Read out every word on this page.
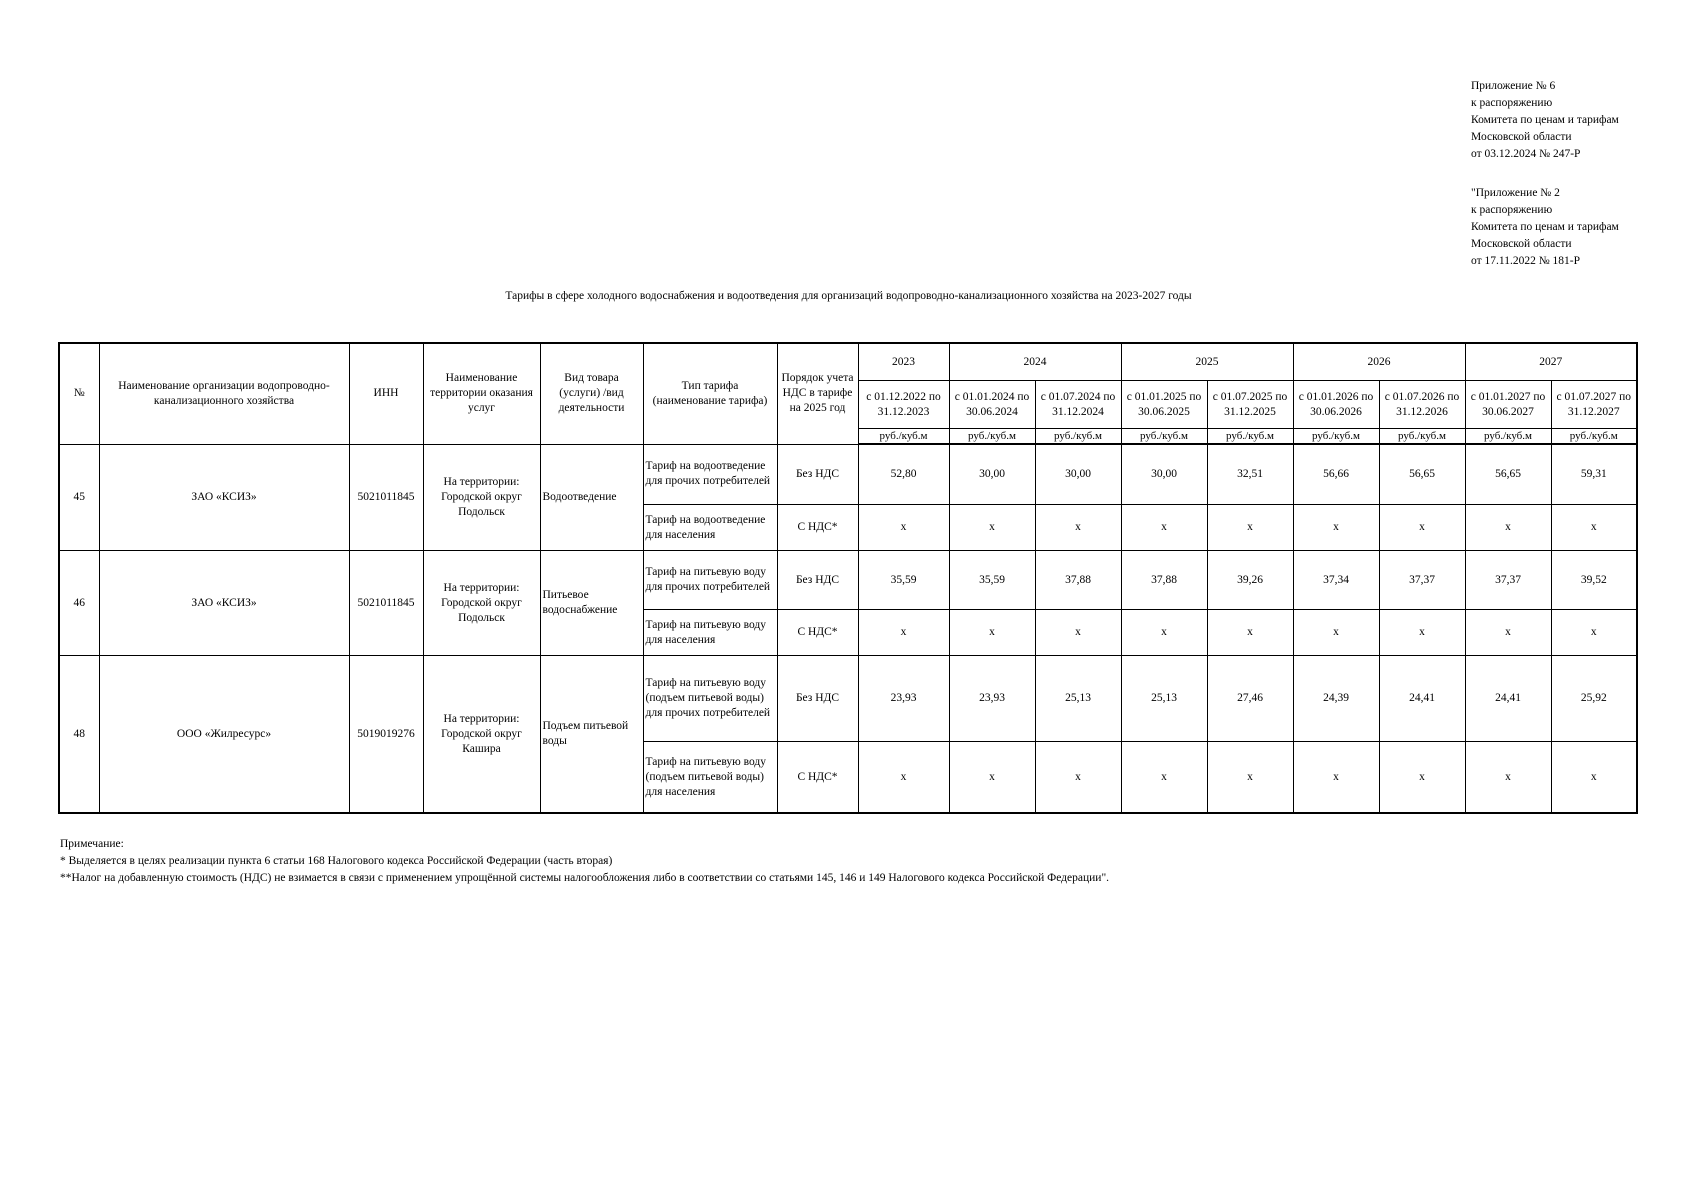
Приложение № 6
к распоряжению
Комитета по ценам и тарифам
Московской области
от 03.12.2024 № 247-Р
"Приложение № 2
к распоряжению
Комитета по ценам и тарифам
Московской области
от 17.11.2022 № 181-Р
Тарифы в сфере холодного водоснабжения и водоотведения для организаций водопроводно-канализационного хозяйства на 2023-2027 годы
№	Наименование организации водопроводно-канализационного хозяйства	ИНН	Наименование территории оказания услуг	Вид товара (услуги) /вид деятельности	Тип тарифа (наименование тарифа)	Порядок учета НДС в тарифе на 2025 год	2023	2024		2025		2026		2027	
							с 01.12.2022 по 31.12.2023	с 01.01.2024 по 30.06.2024	с 01.07.2024 по 31.12.2024	с 01.01.2025 по 30.06.2025	с 01.07.2025 по 31.12.2025	с 01.01.2026 по 30.06.2026	с 01.07.2026 по 31.12.2026	с 01.01.2027 по 30.06.2027	с 01.07.2027 по 31.12.2027
							руб./куб.м	руб./куб.м	руб./куб.м	руб./куб.м	руб./куб.м	руб./куб.м	руб./куб.м	руб./куб.м	руб./куб.м
45	ЗАО «КСИЗ»	5021011845	На территории: Городской округ Подольск	Водоотведение	Тариф на водоотведение для прочих потребителей	Без НДС	52,80	30,00	30,00	30,00	32,51	56,66	56,65	56,65	59,31
					Тариф на водоотведение для населения	С НДС*	x	x	x	x	x	x	x	x	x
46	ЗАО «КСИЗ»	5021011845	На территории: Городской округ Подольск	Питьевое водоснабжение	Тариф на питьевую воду для прочих потребителей	Без НДС	35,59	35,59	37,88	37,88	39,26	37,34	37,37	37,37	39,52
					Тариф на питьевую воду для населения	С НДС*	x	x	x	x	x	x	x	x	x
48	ООО «Жилресурс»	5019019276	На территории: Городской округ Кашира	Подъем питьевой воды	Тариф на питьевую воду (подъем питьевой воды) для прочих потребителей	Без НДС	23,93	23,93	25,13	25,13	27,46	24,39	24,41	24,41	25,92
					Тариф на питьевую воду (подъем питьевой воды) для населения	С НДС*	x	x	x	x	x	x	x	x	x
Примечание:
* Выделяется в целях реализации пункта 6 статьи 168 Налогового кодекса Российской Федерации (часть вторая)
**Налог на добавленную стоимость (НДС) не взимается в связи с применением упрощённой системы налогообложения либо в соответствии со статьями 145, 146 и 149 Налогового кодекса Российской Федерации".
